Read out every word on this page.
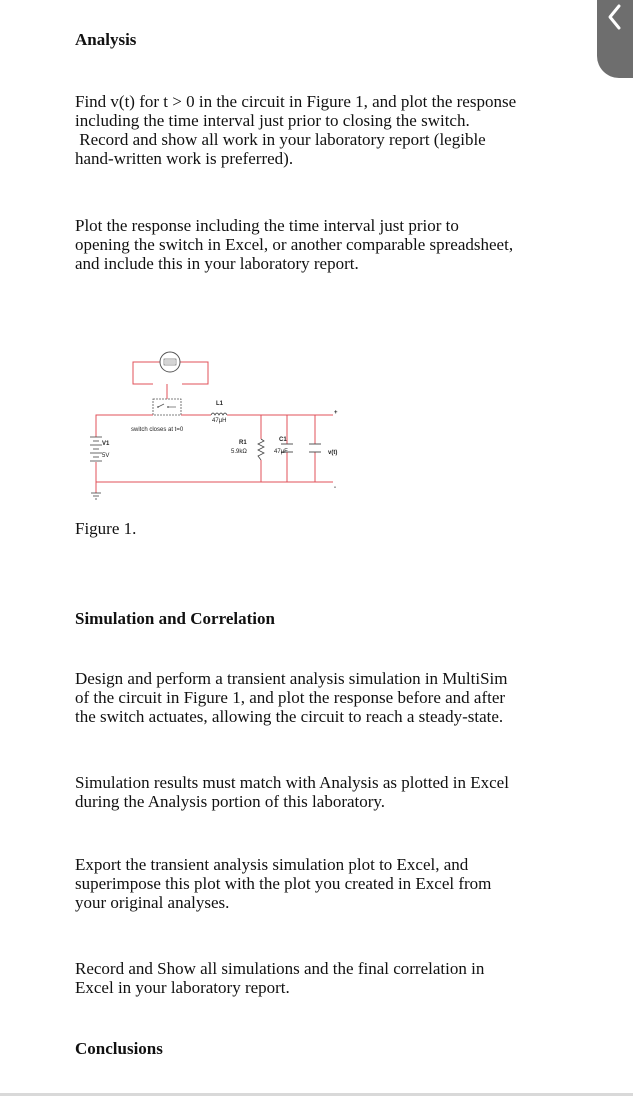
Analysis

Find v(t) for t > 0 in the circuit in Figure 1, and plot the response
including the time interval just prior to closing the switch.
Record and show all work in your laboratory report (legible
hand-written work is preferred).

Plot the response including the time interval just prior to
opening the switch in Excel, or another comparable spreadsheet,
and include this in your laboratory report.

switch closes at t=0
L1
47µH
V1
5V
R1
5.9kΩ
C1
47µF
+
v(t)
-

Figure 1.

Simulation and Correlation

Design and perform a transient analysis simulation in MultiSim
of the circuit in Figure 1, and plot the response before and after
the switch actuates, allowing the circuit to reach a steady-state.

Simulation results must match with Analysis as plotted in Excel
during the Analysis portion of this laboratory.

Export the transient analysis simulation plot to Excel, and
superimpose this plot with the plot you created in Excel from
your original analyses.

Record and Show all simulations and the final correlation in
Excel in your laboratory report.

Conclusions
